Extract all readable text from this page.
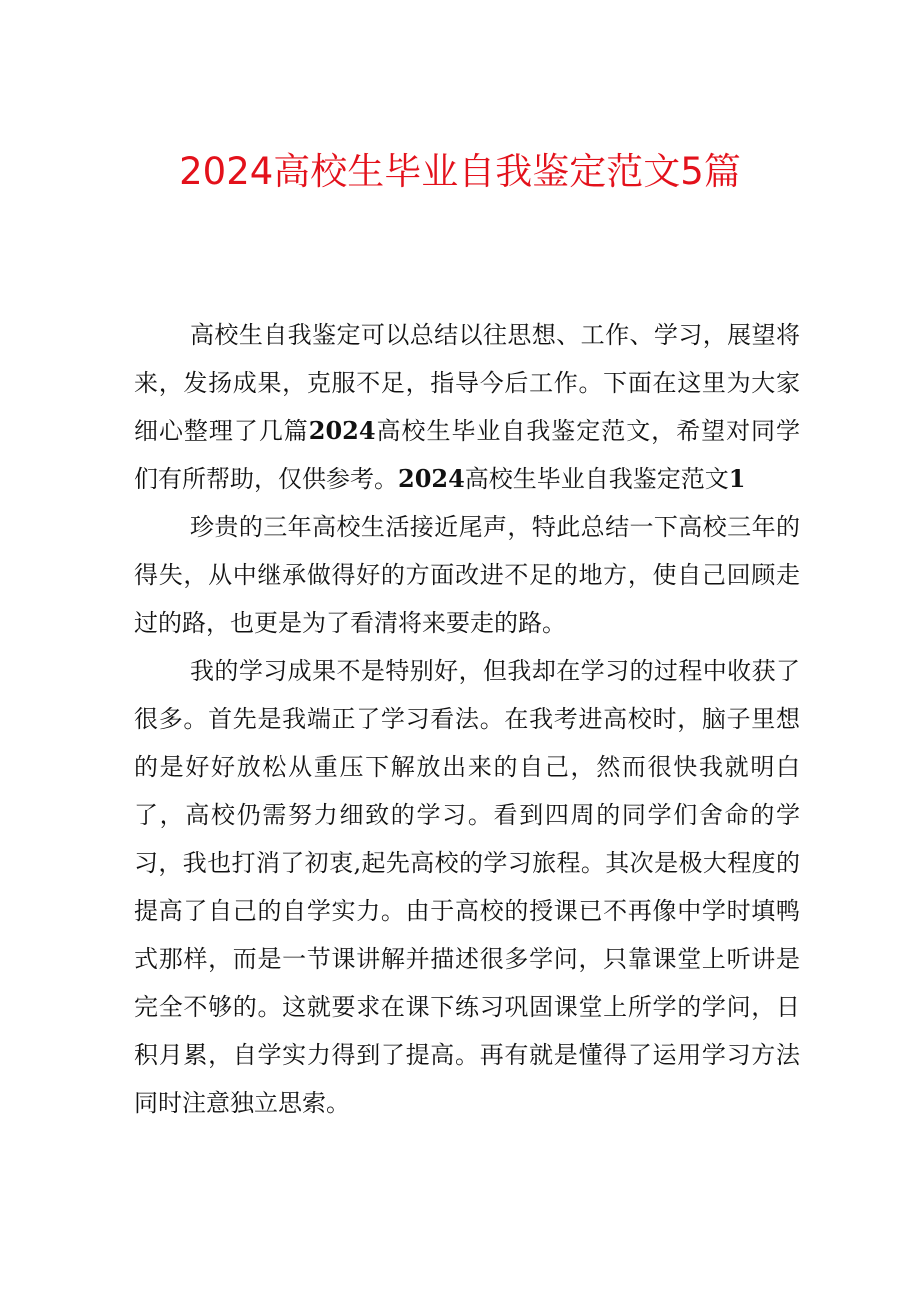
2024高校生毕业自我鉴定范文5篇

高校生自我鉴定可以总结以往思想、工作、学习，展望将来，发扬成果，克服不足，指导今后工作。下面在这里为大家细心整理了几篇2024高校生毕业自我鉴定范文，希望对同学们有所帮助，仅供参考。2024高校生毕业自我鉴定范文1

珍贵的三年高校生活接近尾声，特此总结一下高校三年的得失，从中继承做得好的方面改进不足的地方，使自己回顾走过的路，也更是为了看清将来要走的路。

我的学习成果不是特别好，但我却在学习的过程中收获了很多。首先是我端正了学习看法。在我考进高校时，脑子里想的是好好放松从重压下解放出来的自己，然而很快我就明白了，高校仍需努力细致的学习。看到四周的同学们舍命的学习，我也打消了初衷,起先高校的学习旅程。其次是极大程度的提高了自己的自学实力。由于高校的授课已不再像中学时填鸭式那样，而是一节课讲解并描述很多学问，只靠课堂上听讲是完全不够的。这就要求在课下练习巩固课堂上所学的学问，日积月累，自学实力得到了提高。再有就是懂得了运用学习方法同时注意独立思索。
